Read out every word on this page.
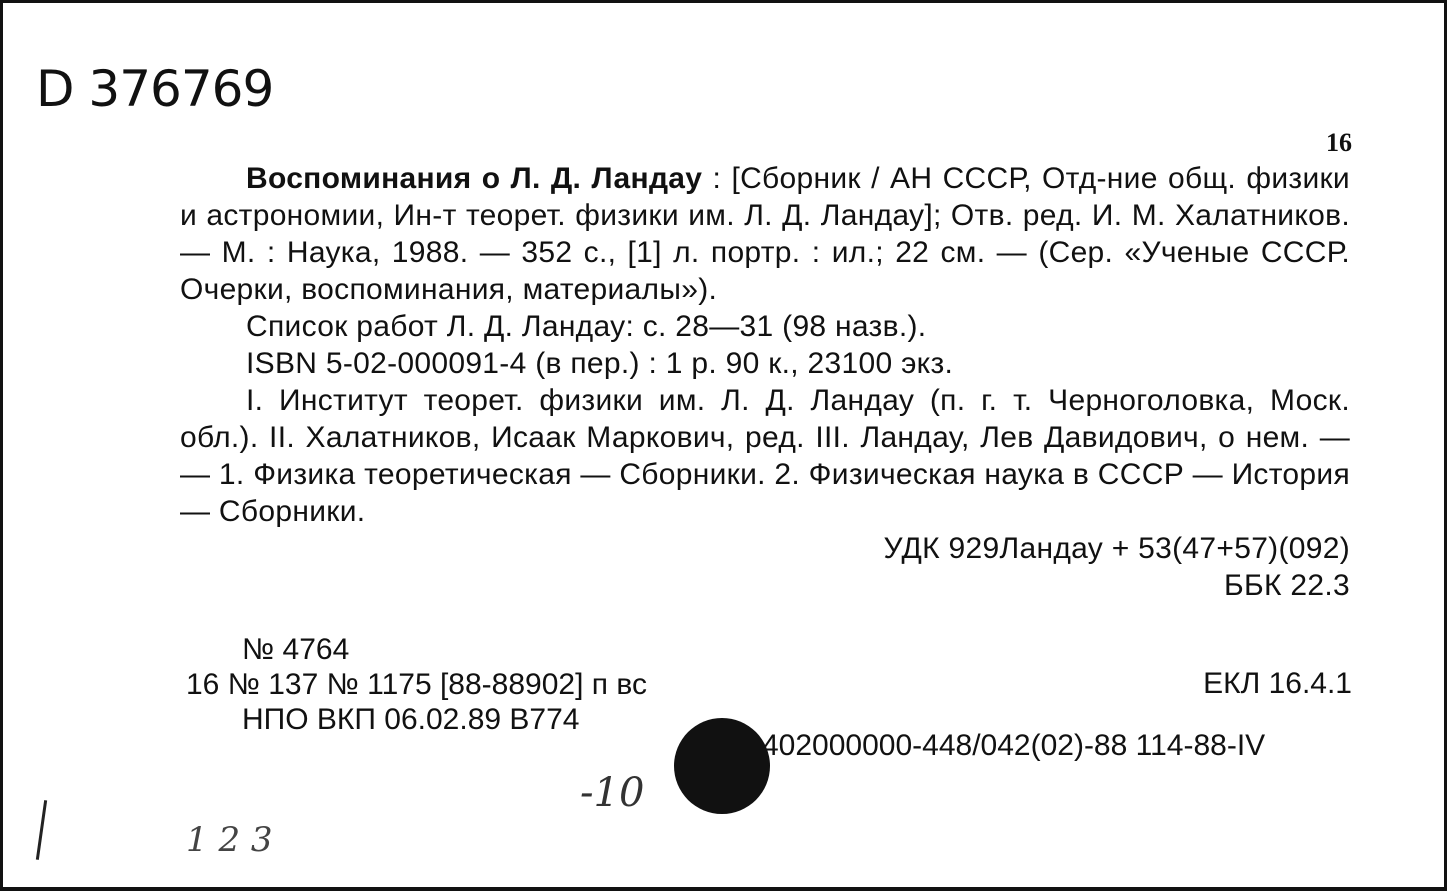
D 376769
16

Воспоминания о Л. Д. Ландау : [Сборник / АН СССР, Отд-ние общ. физики и астрономии, Ин-т теорет. физики им. Л. Д. Ландау]; Отв. ред. И. М. Халатников. — М. : Наука, 1988. — 352 с., [1] л. портр. : ил.; 22 см. — (Сер. «Ученые СССР. Очерки, воспоминания, материалы»).

Список работ Л. Д. Ландау: с. 28—31 (98 назв.).

ISBN 5-02-000091-4 (в пер.) : 1 р. 90 к., 23100 экз.

I. Институт теорет. физики им. Л. Д. Ландау (п. г. т. Черноголовка, Моск. обл.). II. Халатников, Исаак Маркович, ред. III. Ландау, Лев Давидович, о нем. — — 1. Физика теоретическая — Сборники. 2. Физическая наука в СССР — История — Сборники.

УДК 929Ландау + 53(47+57)(092)

ББК 22.3

№ 4764
16 № 137 № 1175 [88-88902] п вс
НПО ВКП 06.02.89 В774
ЕКЛ 16.4.1
402000000-448/042(02)-88 114-88-IV
-10
1 2 3
